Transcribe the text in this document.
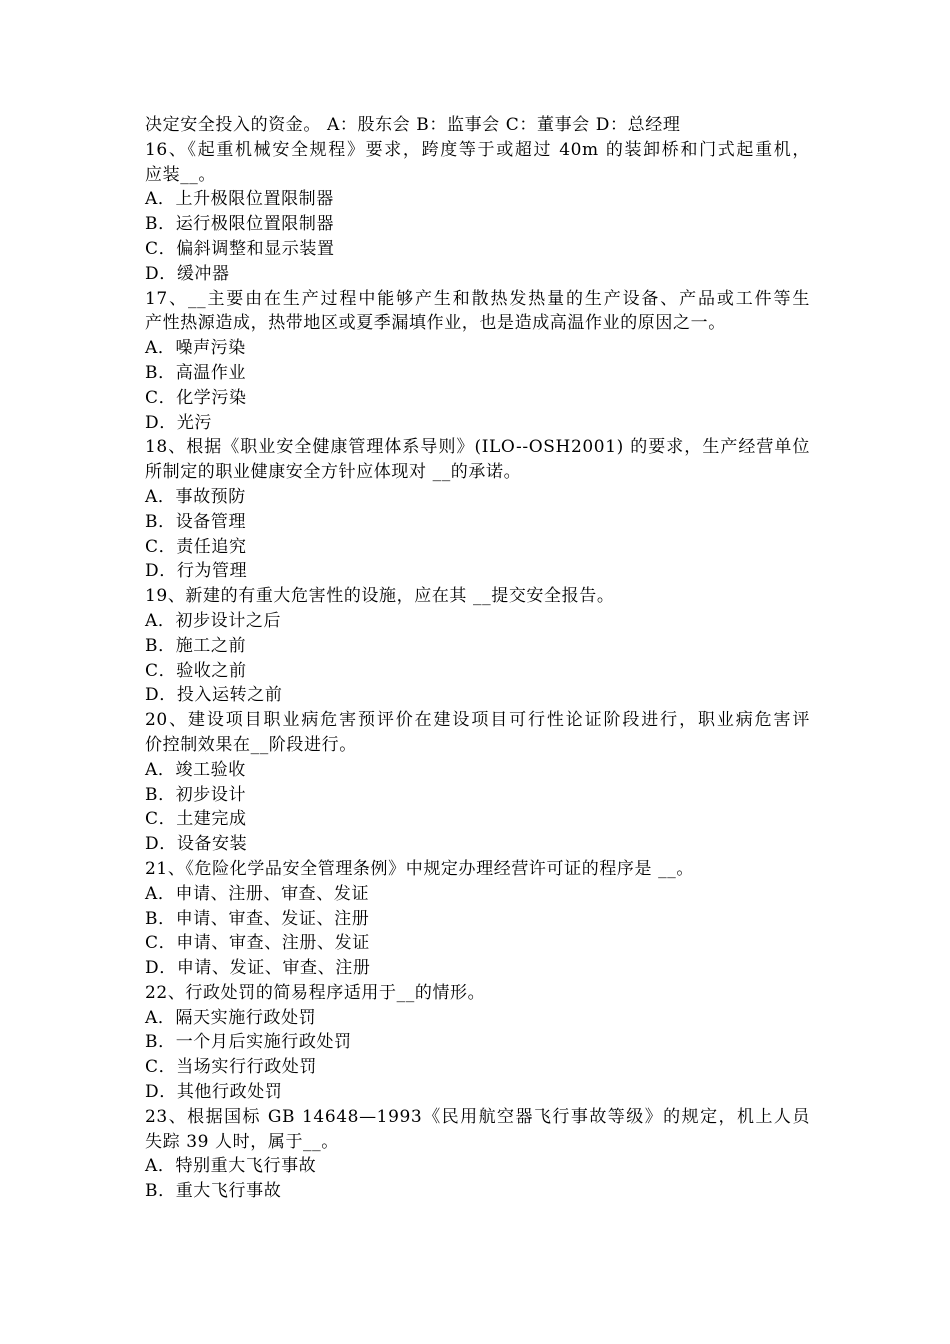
决定安全投入的资金。 A：股东会 B：监事会 C：董事会 D：总经理
16、《起重机械安全规程》要求，跨度等于或超过 40m 的装卸桥和门式起重机，
应装__。
A．上升极限位置限制器
B．运行极限位置限制器
C．偏斜调整和显示装置
D．缓冲器
17、__主要由在生产过程中能够产生和散热发热量的生产设备、产品或工件等生
产性热源造成，热带地区或夏季漏填作业，也是造成高温作业的原因之一。
A．噪声污染
B．高温作业
C．化学污染
D．光污
18、根据《职业安全健康管理体系导则》(ILO--OSH2001) 的要求，生产经营单位
所制定的职业健康安全方针应体现对 __的承诺。
A．事故预防
B．设备管理
C．责任追究
D．行为管理
19、新建的有重大危害性的设施，应在其 __提交安全报告。
A．初步设计之后
B．施工之前
C．验收之前
D．投入运转之前
20、建设项目职业病危害预评价在建设项目可行性论证阶段进行，职业病危害评
价控制效果在__阶段进行。
A．竣工验收
B．初步设计
C．土建完成
D．设备安装
21、《危险化学品安全管理条例》中规定办理经营许可证的程序是 __。
A．申请、注册、审查、发证
B．申请、审查、发证、注册
C．申请、审查、注册、发证
D．申请、发证、审查、注册
22、行政处罚的简易程序适用于__的情形。
A．隔天实施行政处罚
B．一个月后实施行政处罚
C．当场实行行政处罚
D．其他行政处罚
23、根据国标 GB 14648—1993《民用航空器飞行事故等级》的规定，机上人员
失踪 39 人时，属于__。
A．特别重大飞行事故
B．重大飞行事故
